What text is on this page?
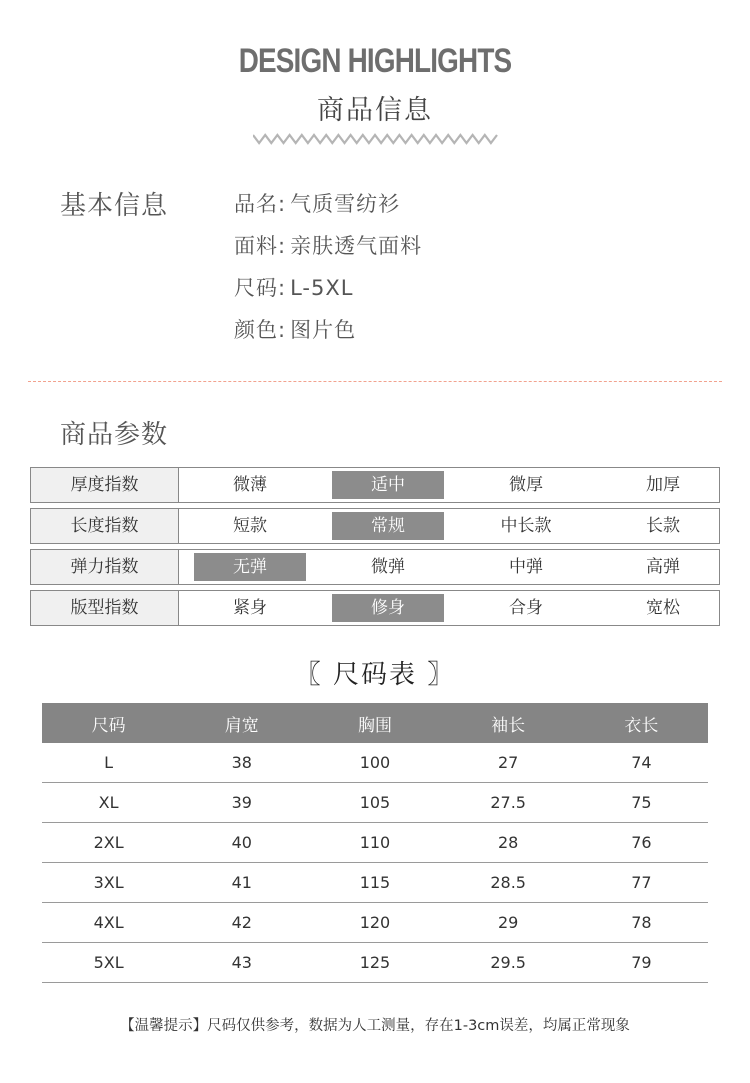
DESIGN HIGHLIGHTS
商品信息
基本信息	品名: 气质雪纺衫
面料: 亲肤透气面料
尺码: L-5XL
颜色: 图片色
商品参数
厚度指数	微薄	适中	微厚	加厚
长度指数	短款	常规	中长款	长款
弹力指数	无弹	微弹	中弹	高弹
版型指数	紧身	修身	合身	宽松
〖 尺码表 〗
尺码	肩宽	胸围	袖长	衣长
L	38	100	27	74
XL	39	105	27.5	75
2XL	40	110	28	76
3XL	41	115	28.5	77
4XL	42	120	29	78
5XL	43	125	29.5	79
【温馨提示】尺码仅供参考，数据为人工测量，存在1-3cm误差，均属正常现象
